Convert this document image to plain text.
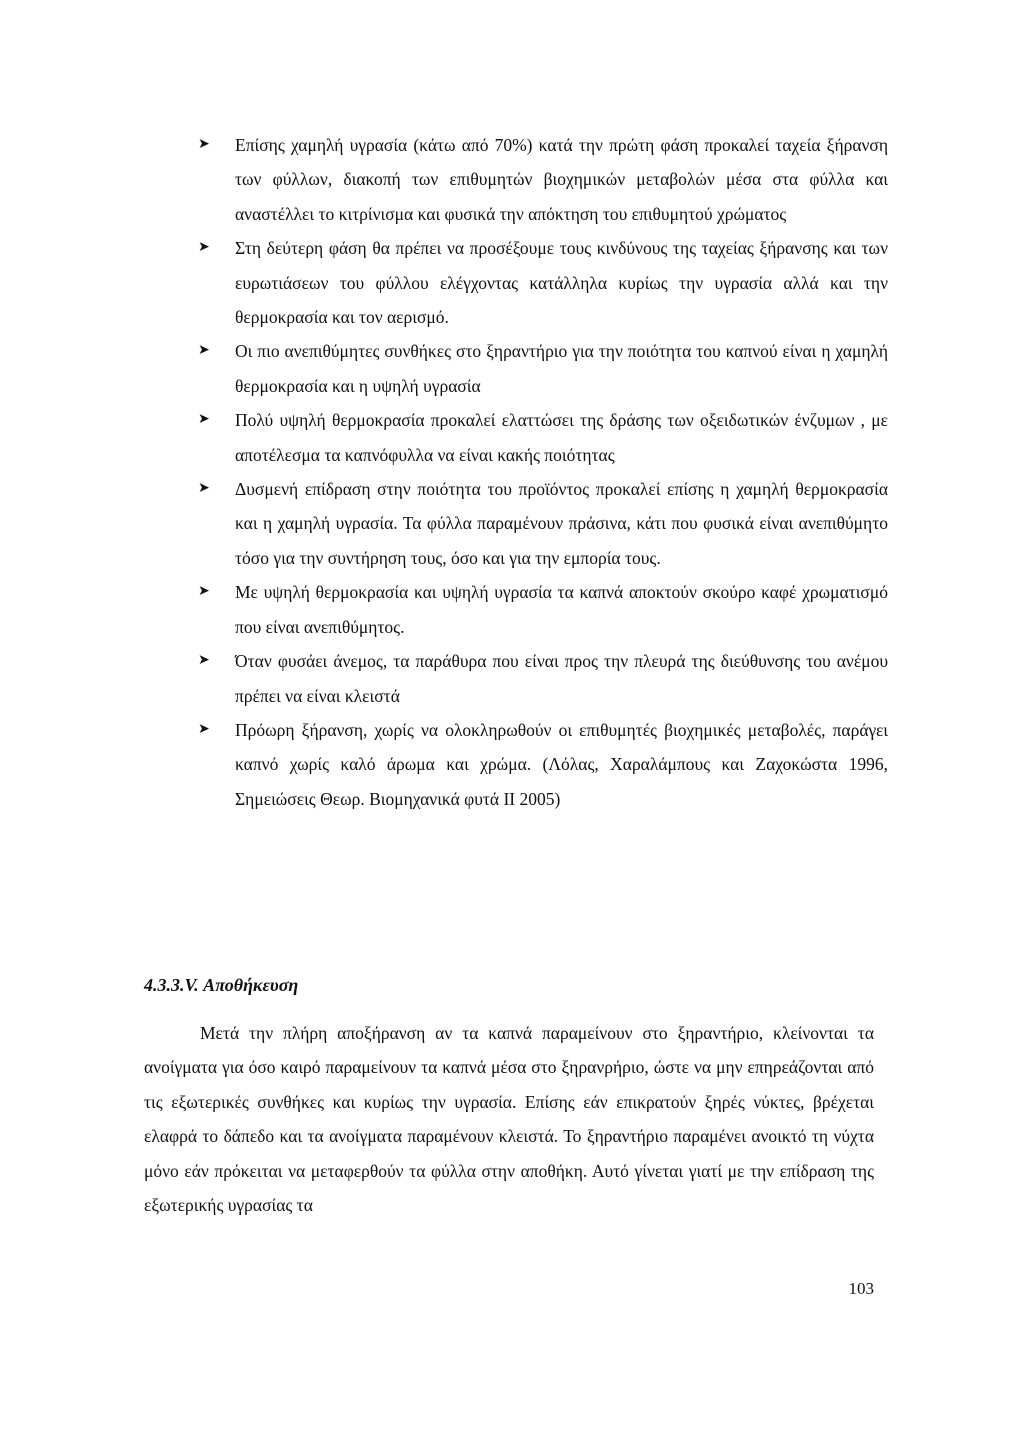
➤ Επίσης χαμηλή υγρασία (κάτω από 70%) κατά την πρώτη φάση προκαλεί ταχεία ξήρανση των φύλλων, διακοπή των επιθυμητών βιοχημικών μεταβολών μέσα στα φύλλα και αναστέλλει το κιτρίνισμα και φυσικά την απόκτηση του επιθυμητού χρώματος
➤ Στη δεύτερη φάση θα πρέπει να προσέξουμε τους κινδύνους της ταχείας ξήρανσης και των ευρωτιάσεων του φύλλου ελέγχοντας κατάλληλα κυρίως την υγρασία αλλά και την θερμοκρασία και τον αερισμό.
➤ Οι πιο ανεπιθύμητες συνθήκες στο ξηραντήριο για την ποιότητα του καπνού είναι η χαμηλή θερμοκρασία και η υψηλή υγρασία
➤ Πολύ υψηλή θερμοκρασία προκαλεί ελαττώσει της δράσης των οξειδωτικών ένζυμων , με αποτέλεσμα τα καπνόφυλλα να είναι κακής ποιότητας
➤ Δυσμενή επίδραση στην ποιότητα του προϊόντος προκαλεί επίσης η χαμηλή θερμοκρασία και η χαμηλή υγρασία. Τα φύλλα παραμένουν πράσινα, κάτι που φυσικά είναι ανεπιθύμητο τόσο για την συντήρηση τους, όσο και για την εμπορία τους.
➤ Με υψηλή θερμοκρασία και υψηλή υγρασία τα καπνά αποκτούν σκούρο καφέ χρωματισμό που είναι ανεπιθύμητος.
➤ Όταν φυσάει άνεμος, τα παράθυρα που είναι προς την πλευρά της διεύθυνσης του ανέμου πρέπει να είναι κλειστά
➤ Πρόωρη ξήρανση, χωρίς να ολοκληρωθούν οι επιθυμητές βιοχημικές μεταβολές, παράγει καπνό χωρίς καλό άρωμα και χρώμα. (Λόλας, Χαραλάμπους και Ζαχοκώστα 1996, Σημειώσεις Θεωρ. Βιομηχανικά φυτά ΙΙ 2005)
4.3.3.V. Αποθήκευση

Μετά την πλήρη αποξήρανση αν τα καπνά παραμείνουν στο ξηραντήριο, κλείνονται τα ανοίγματα για όσο καιρό παραμείνουν τα καπνά μέσα στο ξηρανρήριο, ώστε να μην επηρεάζονται από τις εξωτερικές συνθήκες και κυρίως την υγρασία. Επίσης εάν επικρατούν ξηρές νύκτες, βρέχεται ελαφρά το δάπεδο και τα ανοίγματα παραμένουν κλειστά. Το ξηραντήριο παραμένει ανοικτό τη νύχτα μόνο εάν πρόκειται να μεταφερθούν τα φύλλα στην αποθήκη. Αυτό γίνεται γιατί με την επίδραση της εξωτερικής υγρασίας τα

103
